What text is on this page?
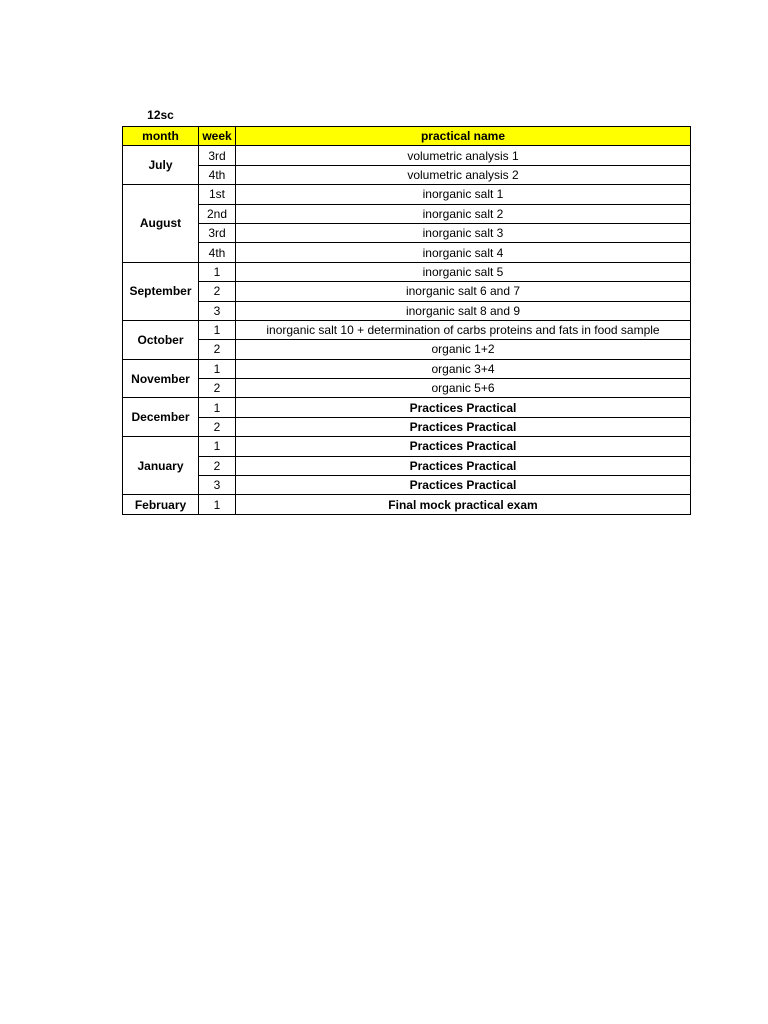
12sc
month	week	practical name
July	3rd	volumetric analysis 1
	4th	volumetric analysis 2
August	1st	inorganic salt 1
	2nd	inorganic salt 2
	3rd	inorganic salt 3
	4th	inorganic salt 4
September	1	inorganic salt 5
	2	inorganic salt 6 and 7
	3	inorganic salt 8 and 9
October	1	inorganic salt 10 + determination of carbs proteins and fats in food sample
	2	organic 1+2
November	1	organic 3+4
	2	organic 5+6
December	1	Practices Practical
	2	Practices Practical
January	1	Practices Practical
	2	Practices Practical
	3	Practices Practical
February	1	Final mock practical exam
